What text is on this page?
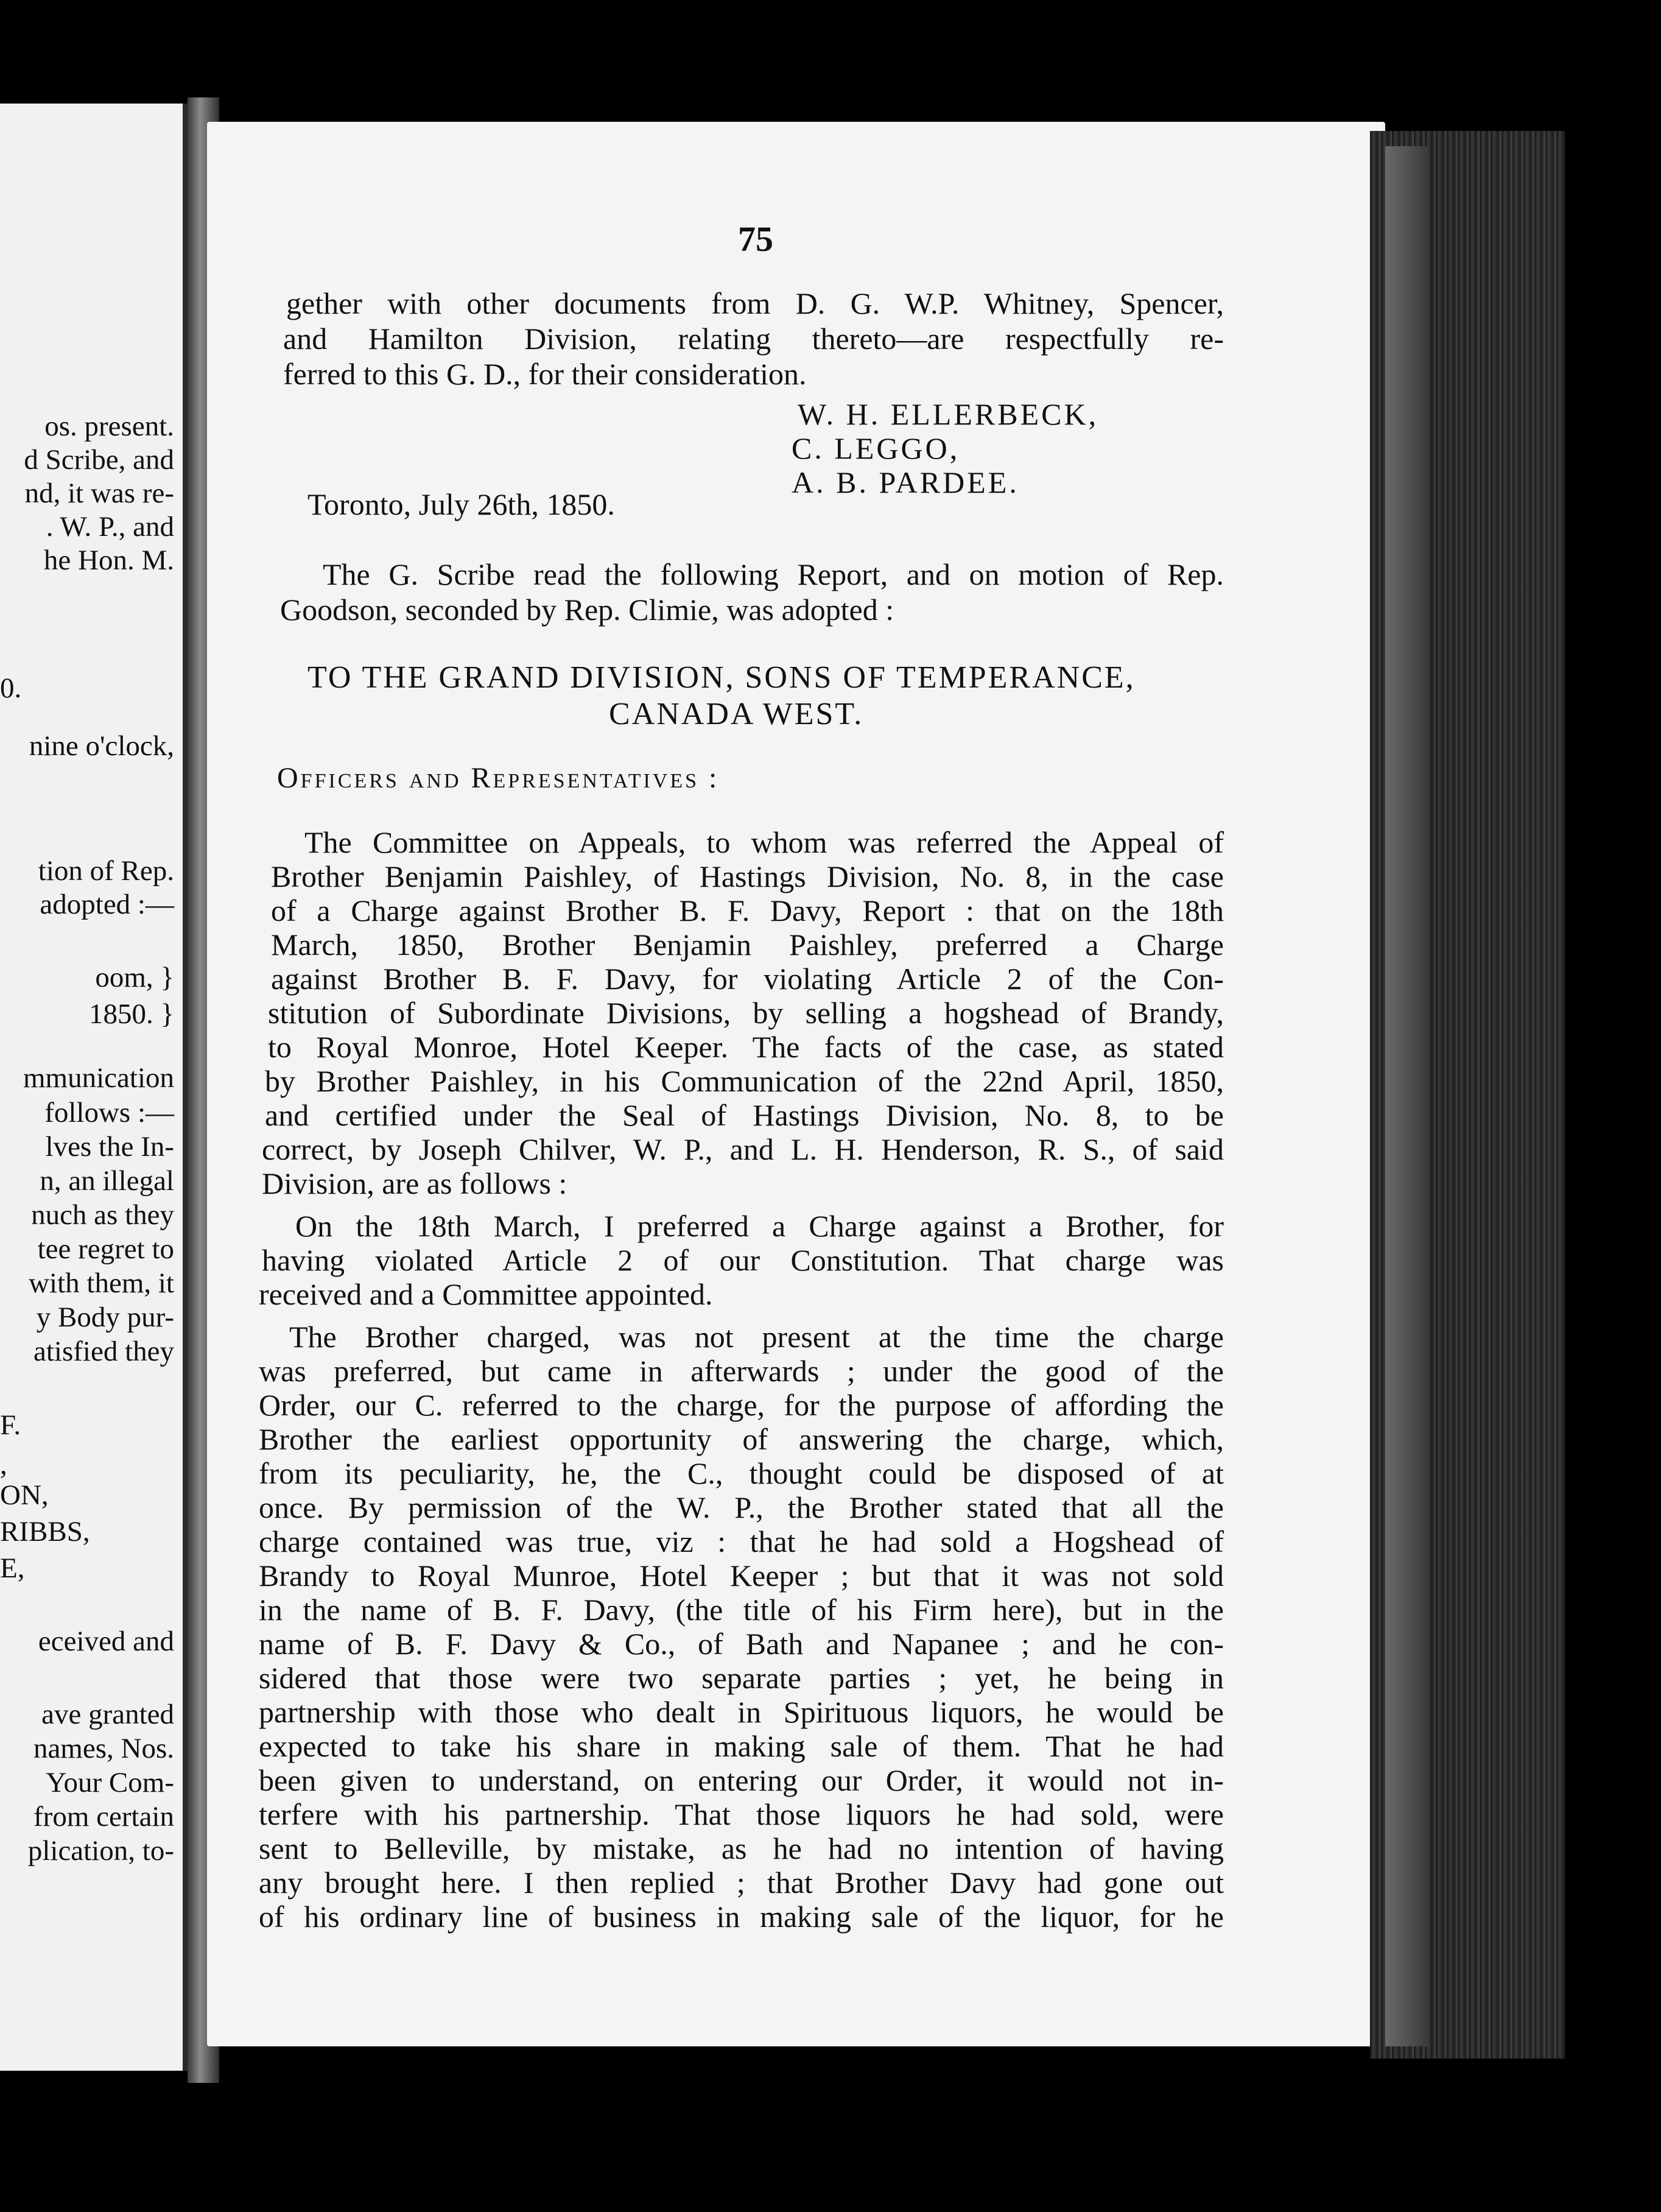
os. present.
d Scribe, and
nd, it was re-
. W. P., and
he Hon. M.
0.
nine o'clock,
tion of Rep.
adopted :—
oom, }
1850. }
mmunication
follows :—
lves the In-
n, an illegal
nuch as they
tee regret to
with them, it
y Body pur-
atisfied they
F.
,
ON,
RIBBS,
E,
eceived and
ave granted
names, Nos.
Your Com-
from certain
plication, to-
75
gether with other documents from D. G. W.P. Whitney, Spencer,
and Hamilton Division, relating thereto—are respectfully re-
ferred to this G. D., for their consideration.
W. H. ELLERBECK,
C. LEGGO,
A. B. PARDEE.
Toronto, July 26th, 1850.
The G. Scribe read the following Report, and on motion of Rep.
Goodson, seconded by Rep. Climie, was adopted :
TO THE GRAND DIVISION, SONS OF TEMPERANCE,
CANADA WEST.
Officers and Representatives :
The Committee on Appeals, to whom was referred the Appeal of
Brother Benjamin Paishley, of Hastings Division, No. 8, in the case
of a Charge against Brother B. F. Davy, Report : that on the 18th
March, 1850, Brother Benjamin Paishley, preferred a Charge
against Brother B. F. Davy, for violating Article 2 of the Con-
stitution of Subordinate Divisions, by selling a hogshead of Brandy,
to Royal Monroe, Hotel Keeper. The facts of the case, as stated
by Brother Paishley, in his Communication of the 22nd April, 1850,
and certified under the Seal of Hastings Division, No. 8, to be
correct, by Joseph Chilver, W. P., and L. H. Henderson, R. S., of said
Division, are as follows :
On the 18th March, I preferred a Charge against a Brother, for
having violated Article 2 of our Constitution. That charge was
received and a Committee appointed.
The Brother charged, was not present at the time the charge
was preferred, but came in afterwards ; under the good of the
Order, our C. referred to the charge, for the purpose of affording the
Brother the earliest opportunity of answering the charge, which,
from its peculiarity, he, the C., thought could be disposed of at
once. By permission of the W. P., the Brother stated that all the
charge contained was true, viz : that he had sold a Hogshead of
Brandy to Royal Munroe, Hotel Keeper ; but that it was not sold
in the name of B. F. Davy, (the title of his Firm here), but in the
name of B. F. Davy & Co., of Bath and Napanee ; and he con-
sidered that those were two separate parties ; yet, he being in
partnership with those who dealt in Spirituous liquors, he would be
expected to take his share in making sale of them. That he had
been given to understand, on entering our Order, it would not in-
terfere with his partnership. That those liquors he had sold, were
sent to Belleville, by mistake, as he had no intention of having
any brought here. I then replied ; that Brother Davy had gone out
of his ordinary line of business in making sale of the liquor, for he
